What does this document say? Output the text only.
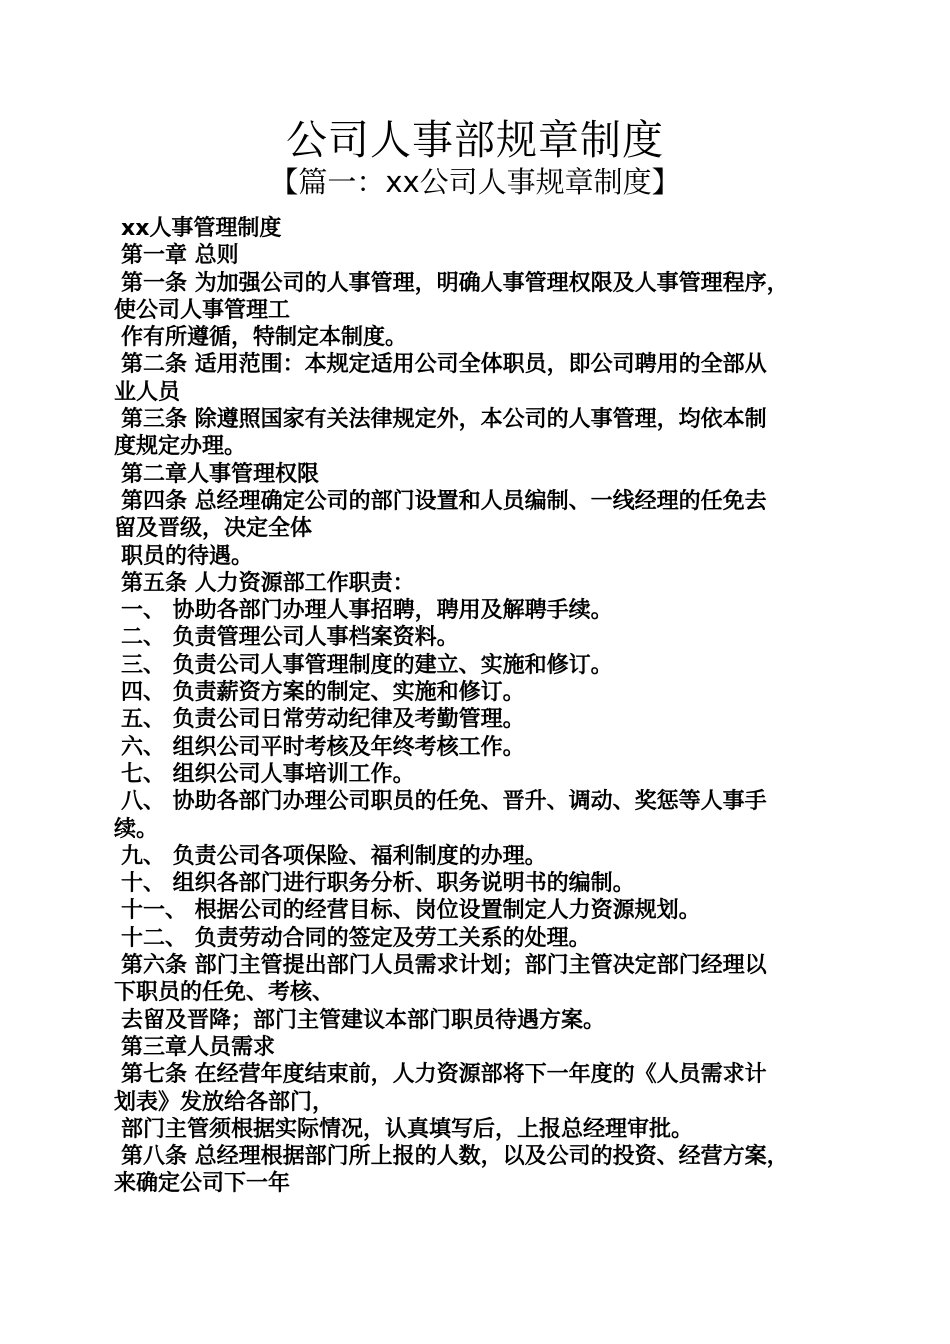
公司人事部规章制度
【篇一：xx公司人事规章制度】
xx人事管理制度
第一章 总则
第一条 为加强公司的人事管理，明确人事管理权限及人事管理程序，
使公司人事管理工
作有所遵循，特制定本制度。
第二条 适用范围：本规定适用公司全体职员，即公司聘用的全部从
业人员
第三条 除遵照国家有关法律规定外，本公司的人事管理，均依本制
度规定办理。
第二章人事管理权限
第四条 总经理确定公司的部门设置和人员编制、一线经理的任免去
留及晋级，决定全体
职员的待遇。
第五条 人力资源部工作职责：
一、 协助各部门办理人事招聘，聘用及解聘手续。
二、 负责管理公司人事档案资料。
三、 负责公司人事管理制度的建立、实施和修订。
四、 负责薪资方案的制定、实施和修订。
五、 负责公司日常劳动纪律及考勤管理。
六、 组织公司平时考核及年终考核工作。
七、 组织公司人事培训工作。
八、 协助各部门办理公司职员的任免、晋升、调动、奖惩等人事手
续。
九、 负责公司各项保险、福利制度的办理。
十、 组织各部门进行职务分析、职务说明书的编制。
十一、 根据公司的经营目标、岗位设置制定人力资源规划。
十二、 负责劳动合同的签定及劳工关系的处理。
第六条 部门主管提出部门人员需求计划；部门主管决定部门经理以
下职员的任免、考核、
去留及晋降；部门主管建议本部门职员待遇方案。
第三章人员需求
第七条 在经营年度结束前，人力资源部将下一年度的《人员需求计
划表》发放给各部门，
部门主管须根据实际情况，认真填写后，上报总经理审批。
第八条 总经理根据部门所上报的人数，以及公司的投资、经营方案，
来确定公司下一年
